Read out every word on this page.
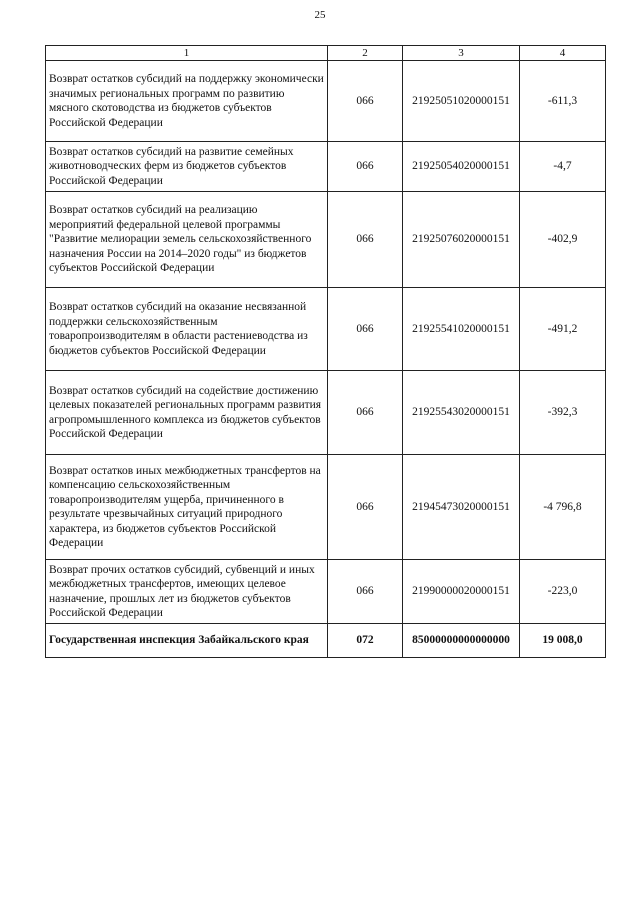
25
1	2	3	4
Возврат остатков субсидий на поддержку экономически значимых региональных программ по развитию мясного скотоводства из бюджетов субъектов Российской Федерации	066	21925051020000151	-611,3
Возврат остатков субсидий на развитие семейных животноводческих ферм из бюджетов субъектов Российской Федерации	066	21925054020000151	-4,7
Возврат остатков субсидий на реализацию мероприятий федеральной целевой программы "Развитие мелиорации земель сельскохозяйственного назначения России на 2014–2020 годы" из бюджетов субъектов Российской Федерации	066	21925076020000151	-402,9
Возврат остатков субсидий на оказание несвязанной поддержки сельскохозяйственным товаропроизводителям в области растениеводства из бюджетов субъектов Российской Федерации	066	21925541020000151	-491,2
Возврат остатков субсидий на содействие достижению целевых показателей региональных программ развития агропромышленного комплекса из бюджетов субъектов Российской Федерации	066	21925543020000151	-392,3
Возврат остатков иных межбюджетных трансфертов на компенсацию сельскохозяйственным товаропроизводителям ущерба, причиненного в результате чрезвычайных ситуаций природного характера, из бюджетов субъектов Российской Федерации	066	21945473020000151	-4 796,8
Возврат прочих остатков субсидий, субвенций и иных межбюджетных трансфертов, имеющих целевое назначение, прошлых лет из бюджетов субъектов Российской Федерации	066	21990000020000151	-223,0
Государственная инспекция Забайкальского края	072	85000000000000000	19 008,0
